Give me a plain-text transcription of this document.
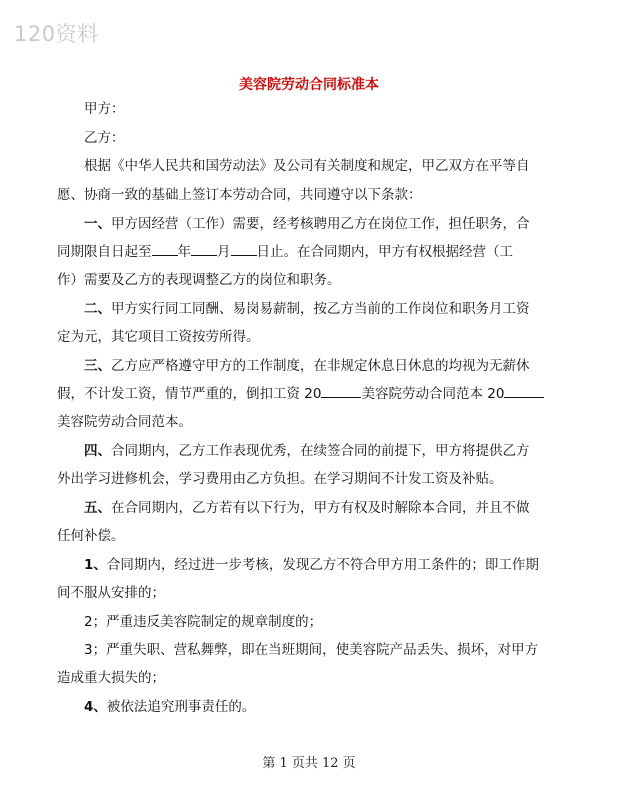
120资料
美容院劳动合同标准本
甲方：
乙方：
根据《中华人民共和国劳动法》及公司有关制度和规定，甲乙双方在平等自
愿、协商一致的基础上签订本劳动合同，共同遵守以下条款：
一、甲方因经营（工作）需要，经考核聘用乙方在岗位工作，担任职务，合
同期限自日起至 年 月 日止。在合同期内，甲方有权根据经营（工
作）需要及乙方的表现调整乙方的岗位和职务。
二、甲方实行同工同酬、易岗易薪制，按乙方当前的工作岗位和职务月工资
定为元，其它项目工资按劳所得。
三、乙方应严格遵守甲方的工作制度，在非规定休息日休息的均视为无薪休
假，不计发工资，情节严重的，倒扣工资 20	美容院劳动合同范本 20
美容院劳动合同范本。
四、合同期内，乙方工作表现优秀，在续签合同的前提下，甲方将提供乙方
外出学习进修机会，学习费用由乙方负担。在学习期间不计发工资及补贴。
五、在合同期内，乙方若有以下行为，甲方有权及时解除本合同，并且不做
任何补偿。
1、合同期内，经过进一步考核，发现乙方不符合甲方用工条件的；即工作期
间不服从安排的；
2；严重违反美容院制定的规章制度的；
3；严重失职、营私舞弊，即在当班期间，使美容院产品丢失、损坏，对甲方
造成重大损失的；
4、被依法追究刑事责任的。
第 1 页共 12 页
